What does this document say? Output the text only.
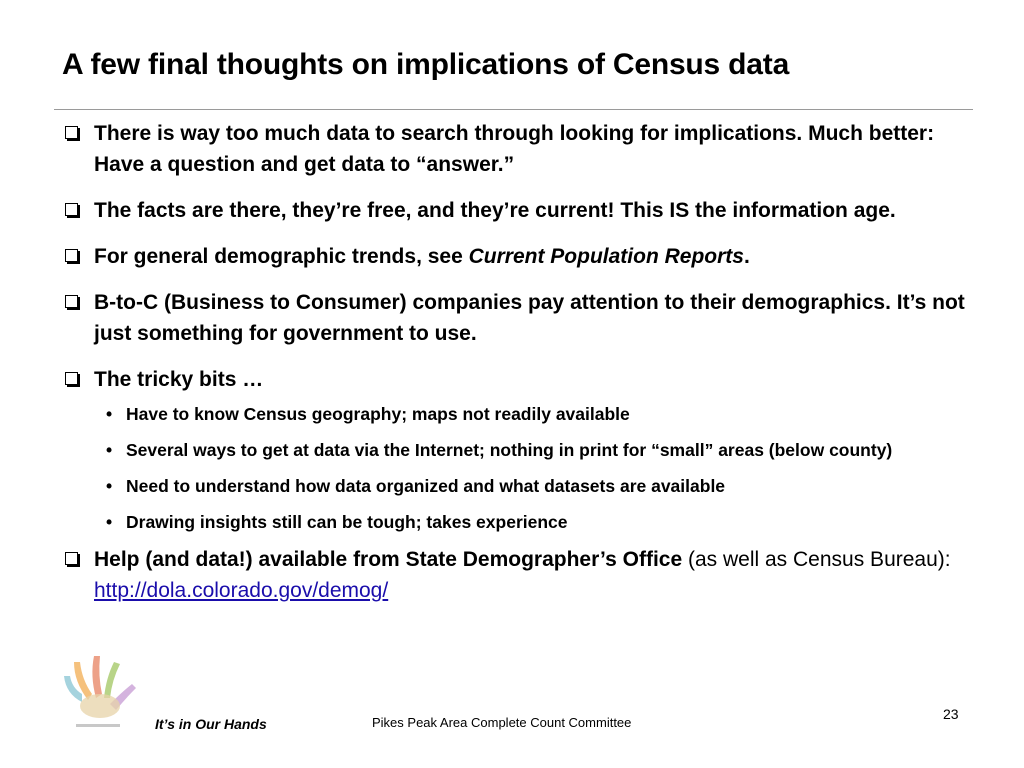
A few final thoughts on implications of Census data
There is way too much data to search through looking for implications. Much better: Have a question and get data to “answer.”
The facts are there, they’re free, and they’re current! This IS the information age.
For general demographic trends, see Current Population Reports.
B-to-C (Business to Consumer) companies pay attention to their demographics. It’s not just something for government to use.
The tricky bits …
• Have to know Census geography; maps not readily available
• Several ways to get at data via the Internet; nothing in print for “small” areas (below county)
• Need to understand how data organized and what datasets are available
• Drawing insights still can be tough; takes experience
Help (and data!) available from State Demographer’s Office (as well as Census Bureau): http://dola.colorado.gov/demog/
It’s in Our Hands	Pikes Peak Area Complete Count Committee
23
